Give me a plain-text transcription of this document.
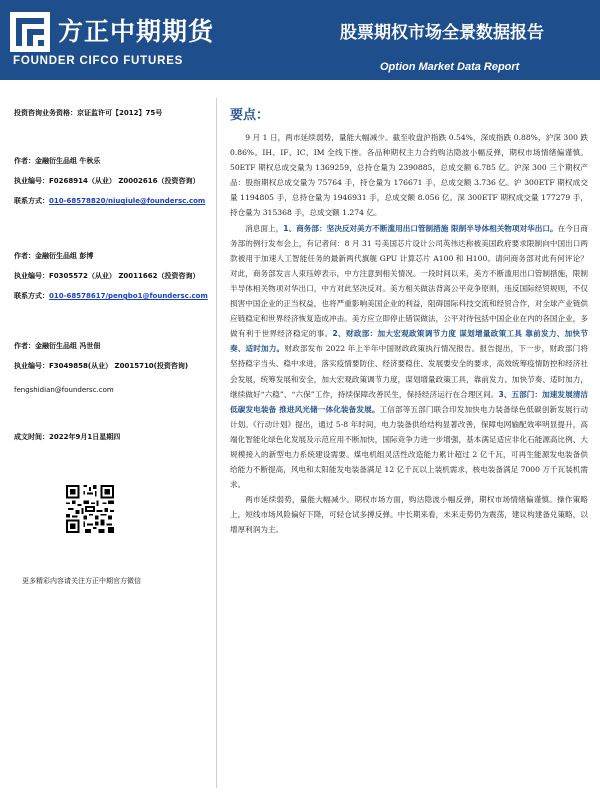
方正中期期货
FOUNDER CIFCO FUTURES
股票期权市场全景数据报告
Option Market Data Report
投资咨询业务资格：京证监许可【2012】75号
作者：金融衍生品组 牛秋乐
执业编号：F0268914（从业） Z0002616（投资咨询）
联系方式：010-68578820/niuqiule@foundersc.com
作者：金融衍生品组 彭博
执业编号：F0305572（从业） Z0011662（投资咨询）
联系方式：010-68578617/pengbo1@foundersc.com
作者：金融衍生品组 冯世佃
执业编号：F3049858(从业） Z0015710(投资咨询)
fengshidian@foundersc.com
成文时间：2022年9月1日星期四
更多精彩内容请关注方正中期官方微信
要点：

9 月 1 日，两市延续弱势，量能大幅减少。截至收盘沪指跌 0.54%，深成指跌 0.88%，沪深 300 跌 0.86%。IH、IF、IC、IM 全线下挫。各品种期权主力合约购沽隐波小幅反弹，期权市场情绪偏谨慎。50ETF 期权总成交量为 1369259，总持仓量为 2390885，总成交额 6.785 亿。沪深 300 三个期权产品：股指期权总成交量为 75764 手，持仓量为 176671 手，总成交额 3.736 亿。沪 300ETF 期权成交量 1194805 手，总持仓量为 1946931 手，总成交额 8.056 亿。深 300ETF 期权成交量 177279 手，持仓量为 315368 手，总成交额 1.274 亿。

消息面上，1、商务部：坚决反对美方不断滥用出口管制措施 限制半导体相关物项对华出口。在今日商务部的例行发布会上，有记者问：8 月 31 号美国芯片设计公司英伟达称被美国政府要求限制向中国出口两款被用于加速人工智能任务的最新两代旗舰 GPU 计算芯片 A100 和 H100。请问商务部对此有何评论？对此，商务部发言人束珏婷表示，中方注意到相关情况。一段时间以来，美方不断滥用出口管制措施，限制半导体相关物项对华出口，中方对此坚决反对。美方相关做法背离公平竞争原则，违反国际经贸规则，不仅损害中国企业的正当权益，也将严重影响美国企业的利益，阻碍国际科技交流和经贸合作，对全球产业链供应链稳定和世界经济恢复造成冲击。美方应立即停止错误做法，公平对待包括中国企业在内的各国企业，多做有利于世界经济稳定的事。2、财政部：加大宏观政策调节力度 谋划增量政策工具 靠前发力、加快节奏、适时加力。财政部发布 2022 年上半年中国财政政策执行情况报告。报告提出，下一步，财政部门将坚持稳字当头、稳中求进，落实疫情要防住、经济要稳住、发展要安全的要求，高效统筹疫情防控和经济社会发展，统筹发展和安全，加大宏观政策调节力度，谋划增量政策工具，靠前发力、加快节奏、适时加力，继续做好“六稳”、“六保”工作，持续保障改善民生，保持经济运行在合理区间。3、五部门：加速发展清洁低碳发电装备 推进风光储一体化装备发展。工信部等五部门联合印发加快电力装备绿色低碳创新发展行动计划。《行动计划》提出，通过 5-8 年时间，电力装备供给结构显著改善，保障电网输配效率明显提升，高端化智能化绿色化发展及示范应用不断加快，国际竞争力进一步增强，基本满足适应非化石能源高比例、大规模接入的新型电力系统建设需要。煤电机组灵活性改造能力累计超过 2 亿千瓦，可再生能源发电装备供给能力不断提高，风电和太阳能发电装备满足 12 亿千瓦以上装机需求，核电装备满足 7000 万千瓦装机需求。

两市延续弱势，量能大幅减少。期权市场方面，购沽隐波小幅反弹，期权市场情绪偏谨慎。操作策略上，短线市场风险偏好下降，可轻仓试多搏反弹。中长期来看，未来走势仍为震荡，建议构建备兑策略，以增厚利润为主。
